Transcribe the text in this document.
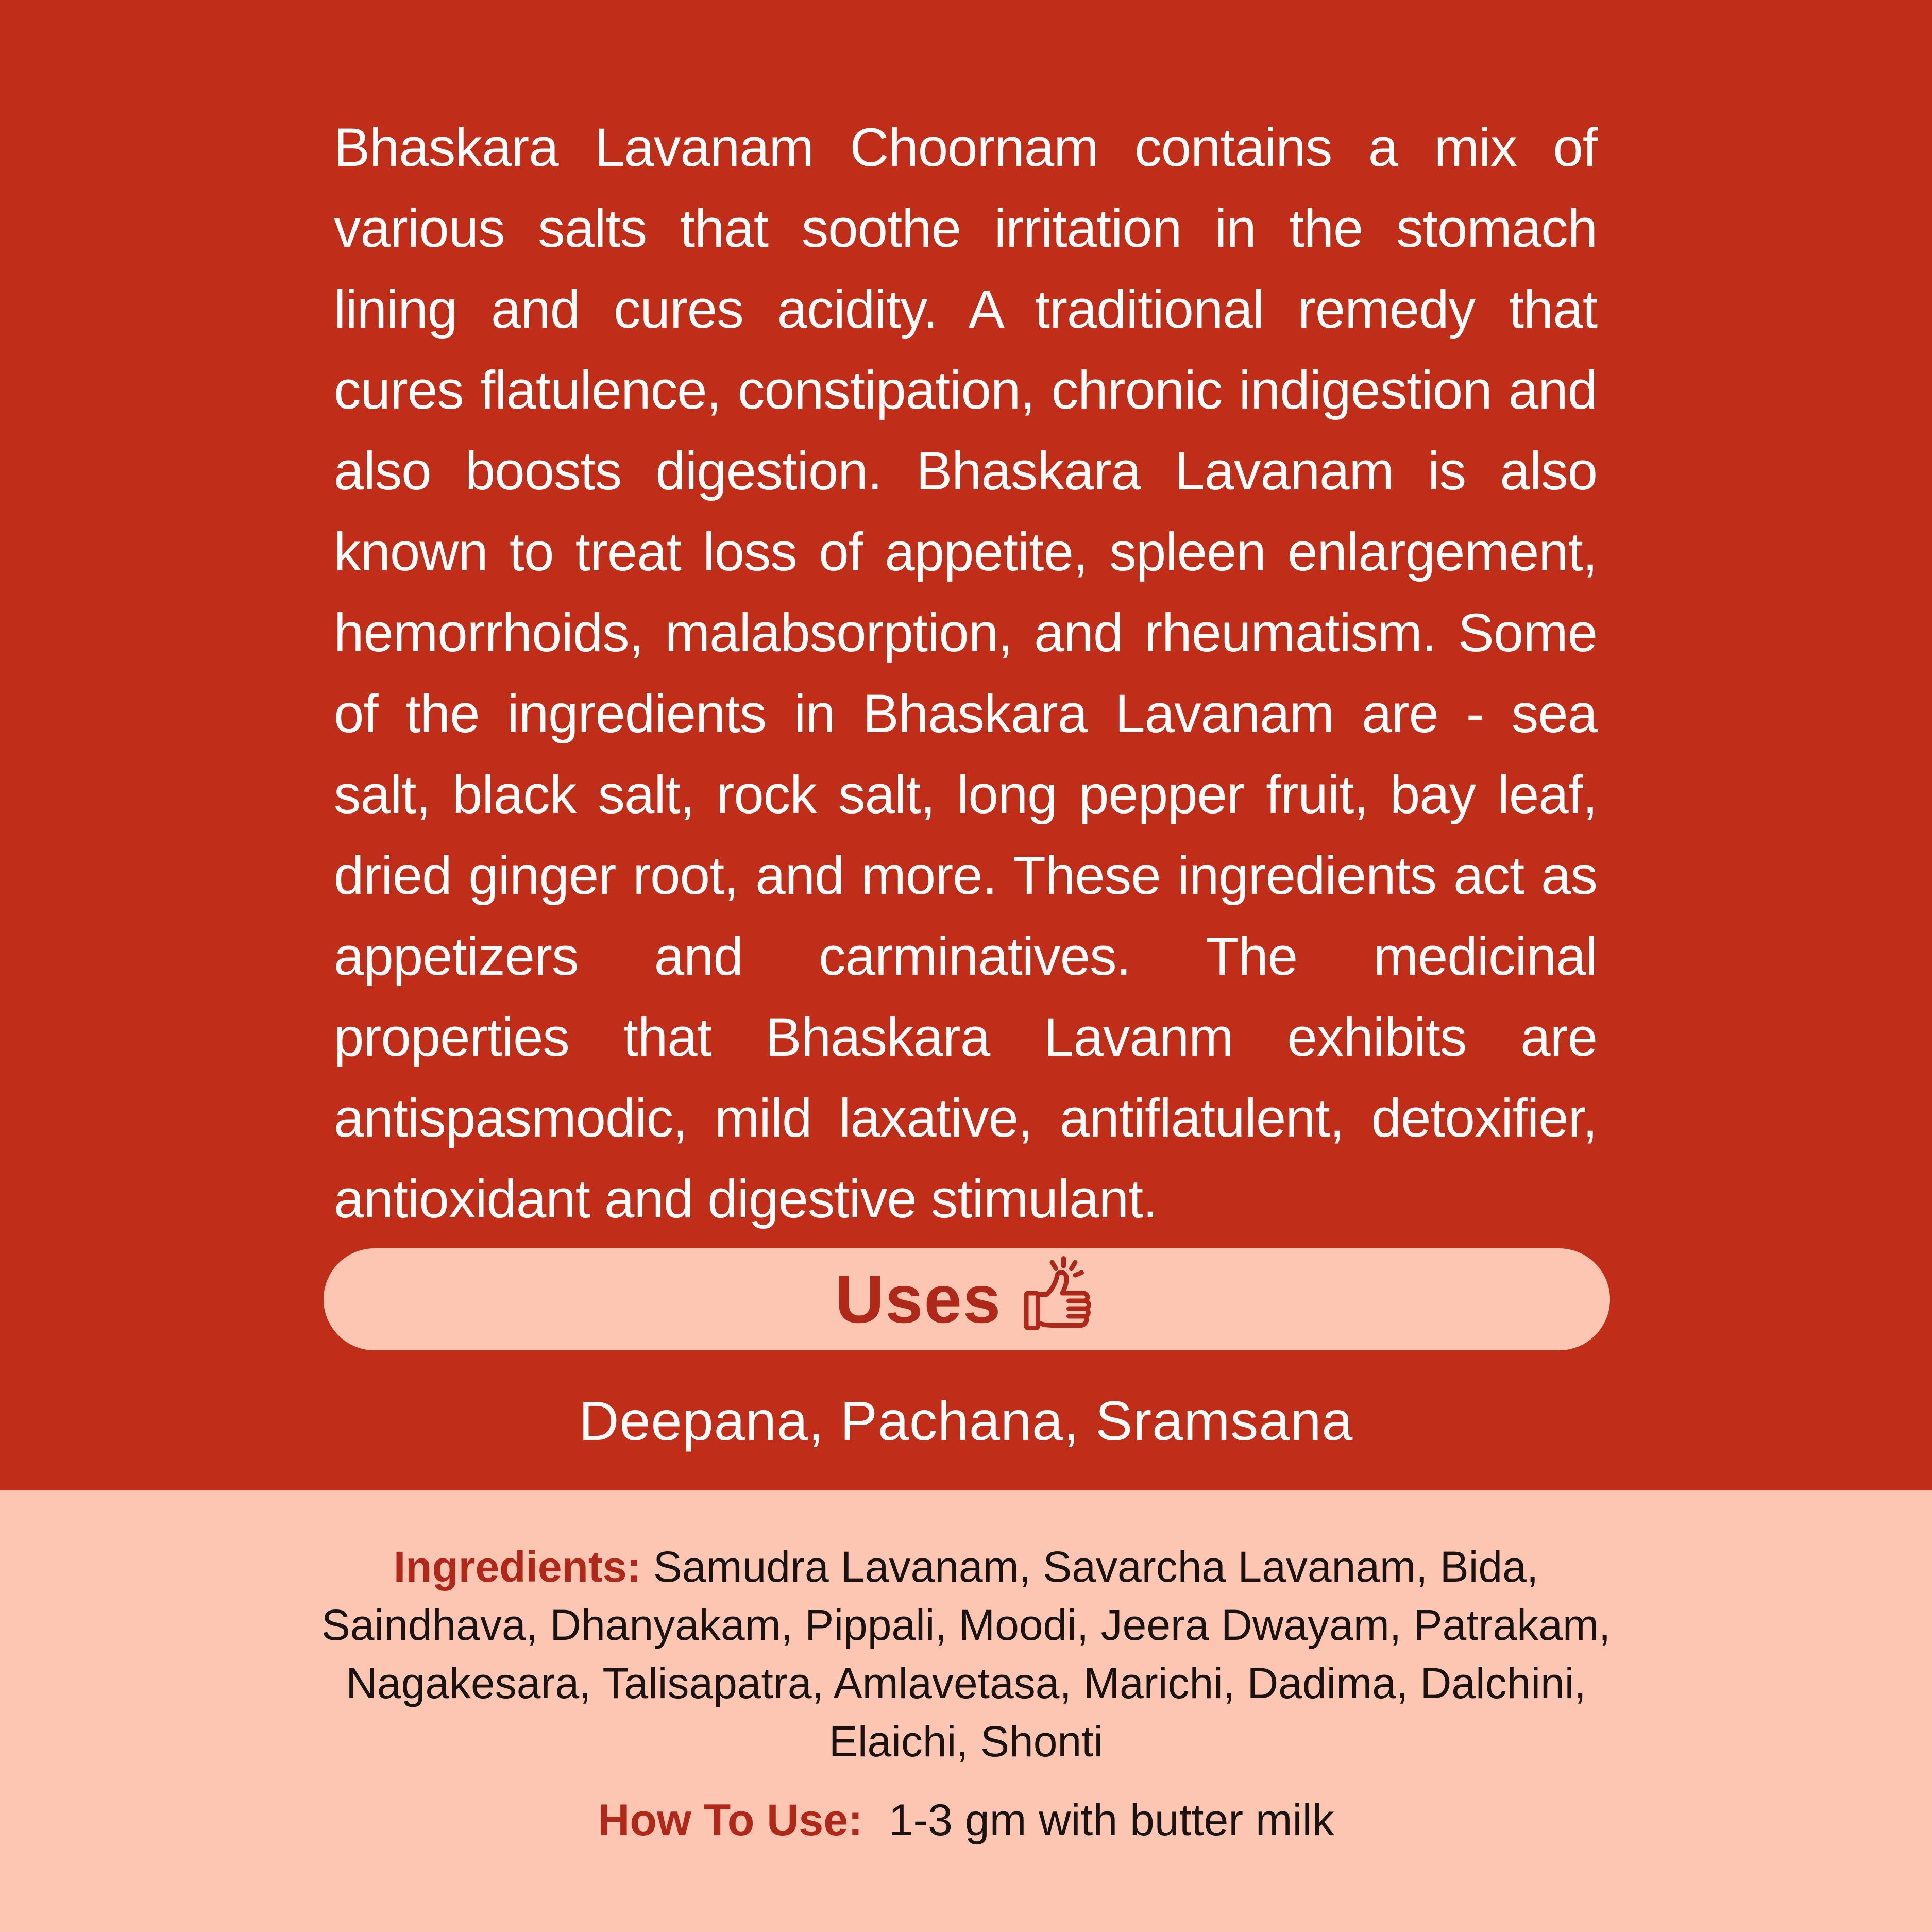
Bhaskara Lavanam Choornam contains a mix of various salts that soothe irritation in the stomach lining and cures acidity. A traditional remedy that cures flatulence, constipation, chronic indigestion and also boosts digestion. Bhaskara Lavanam is also known to treat loss of appetite, spleen enlargement, hemorrhoids, malabsorption, and rheumatism. Some of the ingredients in Bhaskara Lavanam are - sea salt, black salt, rock salt, long pepper fruit, bay leaf, dried ginger root, and more. These ingredients act as appetizers and carminatives. The medicinal properties that Bhaskara Lavanm exhibits are antispasmodic, mild laxative, antiflatulent, detoxifier, antioxidant and digestive stimulant.

Uses
Deepana, Pachana, Sramsana

Ingredients: Samudra Lavanam, Savarcha Lavanam, Bida, Saindhava, Dhanyakam, Pippali, Moodi, Jeera Dwayam, Patrakam, Nagakesara, Talisapatra, Amlavetasa, Marichi, Dadima, Dalchini, Elaichi, Shonti

How To Use: 1-3 gm with butter milk
